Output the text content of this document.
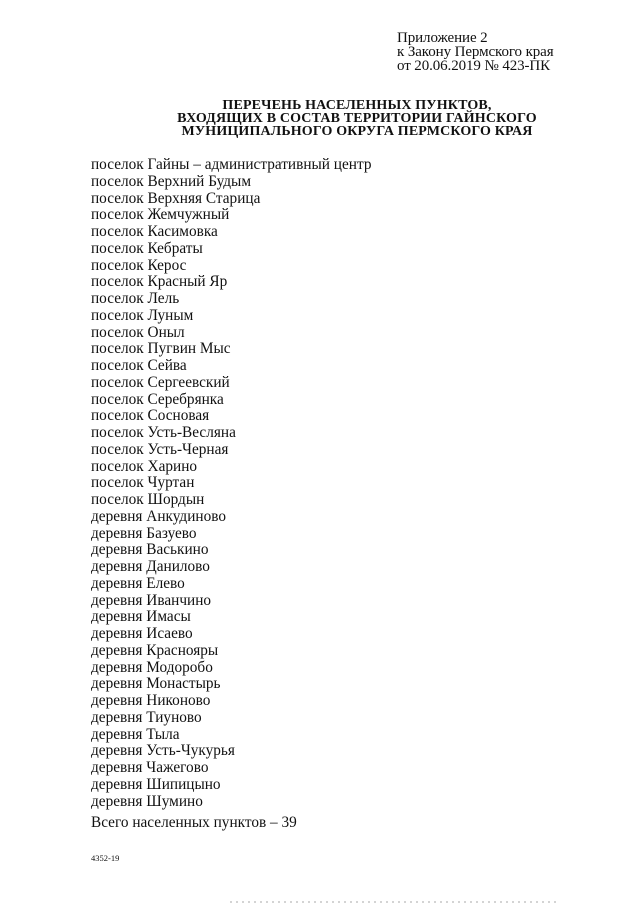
Приложение 2
к Закону Пермского края
от 20.06.2019 № 423-ПК
ПЕРЕЧЕНЬ НАСЕЛЕННЫХ ПУНКТОВ,
ВХОДЯЩИХ В СОСТАВ ТЕРРИТОРИИ ГАЙНСКОГО
МУНИЦИПАЛЬНОГО ОКРУГА ПЕРМСКОГО КРАЯ
поселок Гайны – административный центр
поселок Верхний Будым
поселок Верхняя Старица
поселок Жемчужный
поселок Касимовка
поселок Кебраты
поселок Керос
поселок Красный Яр
поселок Лель
поселок Луным
поселок Оныл
поселок Пугвин Мыс
поселок Сейва
поселок Сергеевский
поселок Серебрянка
поселок Сосновая
поселок Усть-Весляна
поселок Усть-Черная
поселок Харино
поселок Чуртан
поселок Шордын
деревня Анкудиново
деревня Базуево
деревня Васькино
деревня Данилово
деревня Елево
деревня Иванчино
деревня Имасы
деревня Исаево
деревня Краснояры
деревня Модоробо
деревня Монастырь
деревня Никоново
деревня Тиуново
деревня Тыла
деревня Усть-Чукурья
деревня Чажегово
деревня Шипицыно
деревня Шумино
Всего населенных пунктов – 39
4352-19
